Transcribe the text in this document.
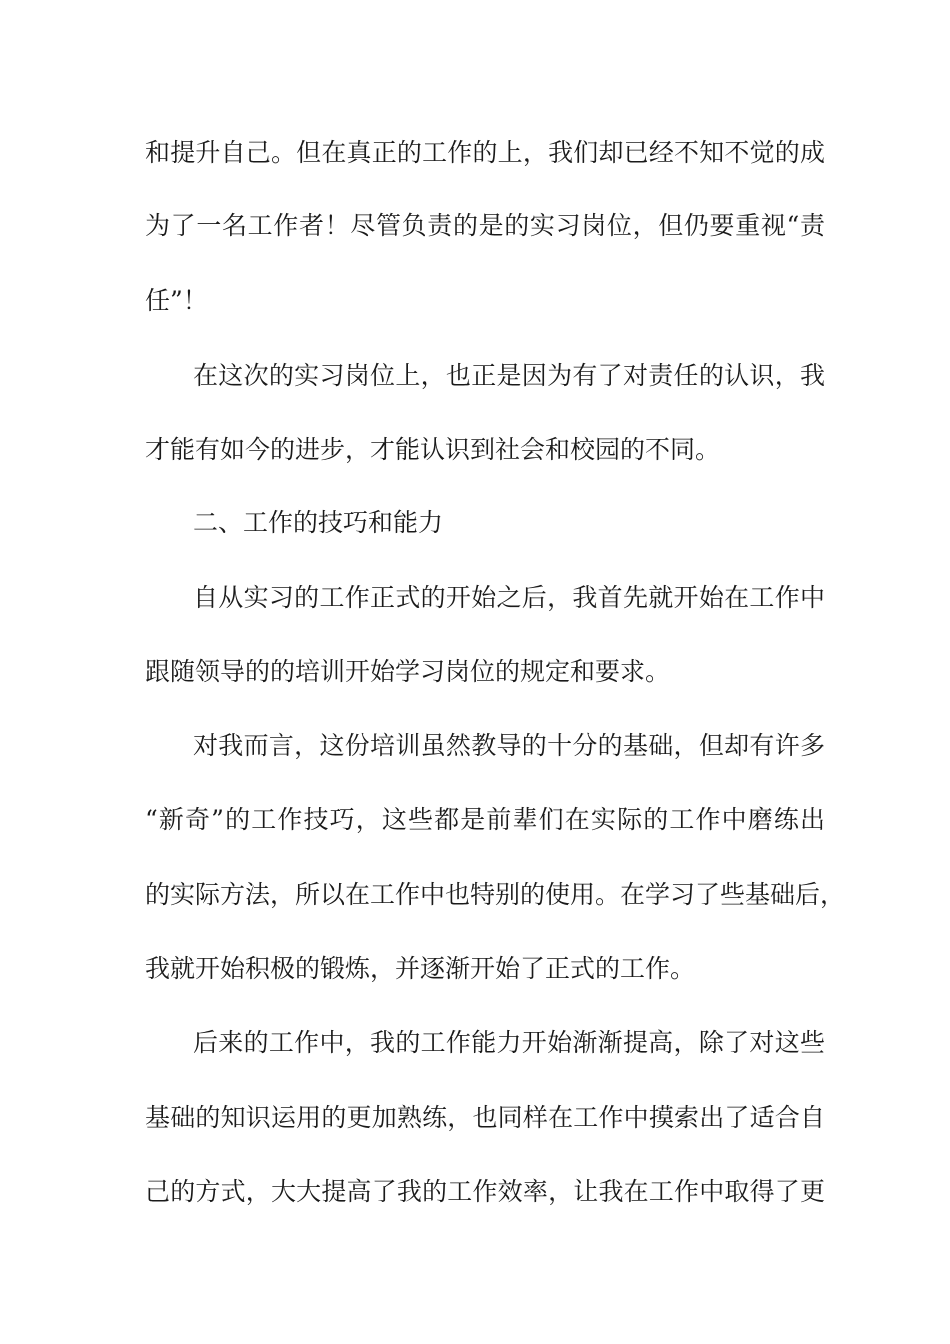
和提升自己。但在真正的工作的上，我们却已经不知不觉的成
为了一名工作者！尽管负责的是的实习岗位，但仍要重视“责
任”！
在这次的实习岗位上，也正是因为有了对责任的认识，我
才能有如今的进步，才能认识到社会和校园的不同。
二、工作的技巧和能力
自从实习的工作正式的开始之后，我首先就开始在工作中
跟随领导的的培训开始学习岗位的规定和要求。
对我而言，这份培训虽然教导的十分的基础，但却有许多
“新奇”的工作技巧，这些都是前辈们在实际的工作中磨练出
的实际方法，所以在工作中也特别的使用。在学习了些基础后，
我就开始积极的锻炼，并逐渐开始了正式的工作。
后来的工作中，我的工作能力开始渐渐提高，除了对这些
基础的知识运用的更加熟练，也同样在工作中摸索出了适合自
己的方式，大大提高了我的工作效率，让我在工作中取得了更
